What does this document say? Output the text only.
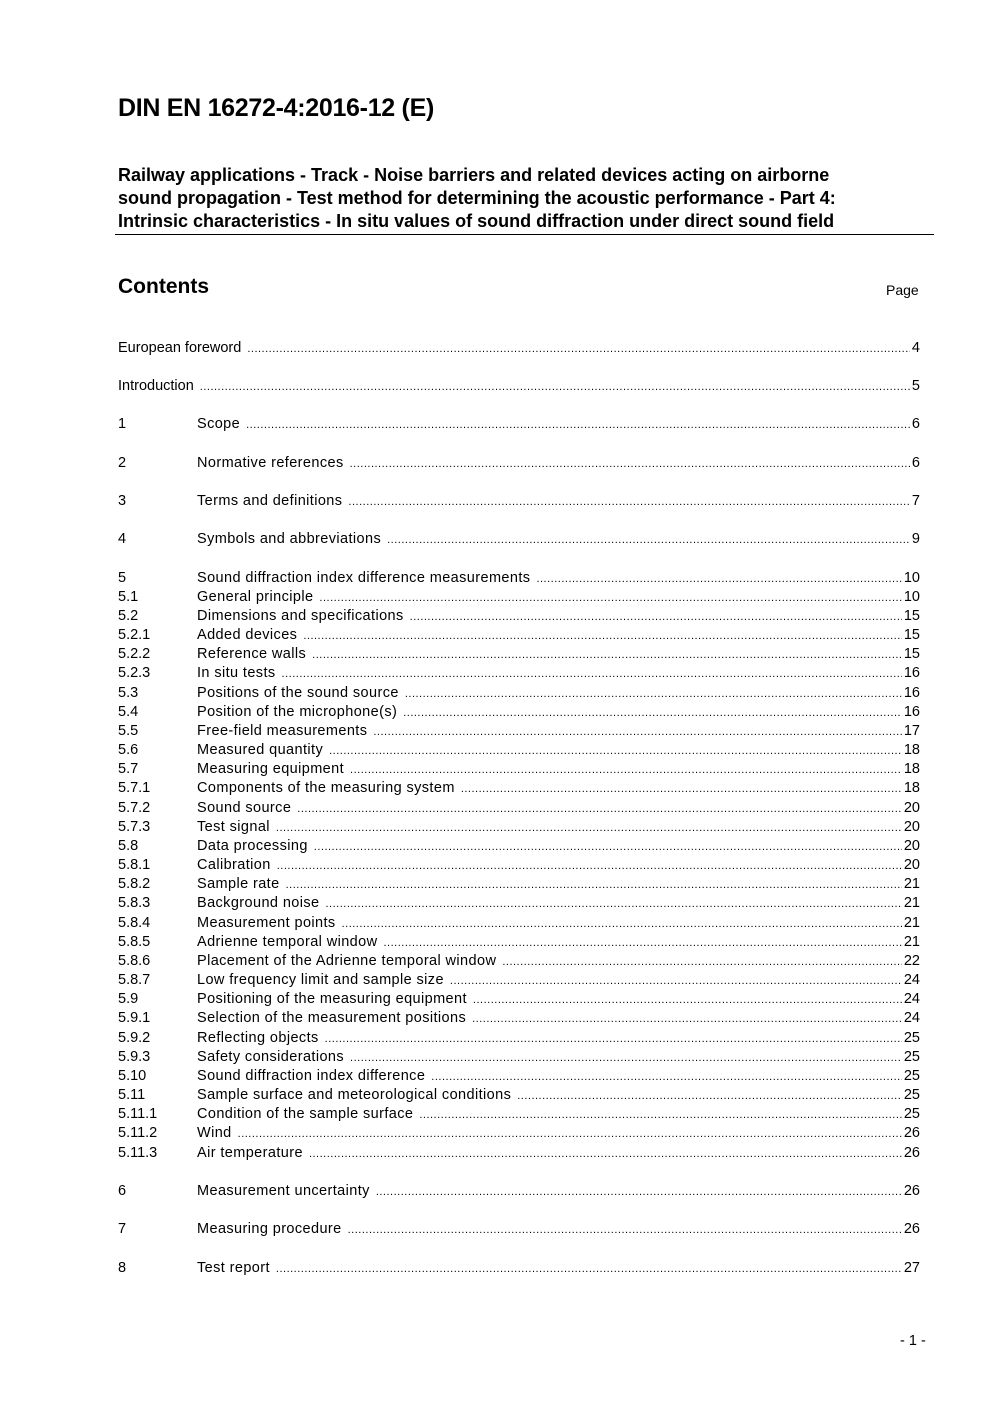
DIN EN 16272-4:2016-12 (E)
Railway applications - Track - Noise barriers and related devices acting on airborne
sound propagation - Test method for determining the acoustic performance - Part 4:
Intrinsic characteristics - In situ values of sound diffraction under direct sound field
Contents	Page
European foreword .....	4
Introduction .....	5
1	Scope .....	6
2	Normative references .....	6
3	Terms and definitions .....	7
4	Symbols and abbreviations .....	9
5	Sound diffraction index difference measurements .....	10
5.1	General principle .....	10
5.2	Dimensions and specifications .....	15
5.2.1	Added devices .....	15
5.2.2	Reference walls .....	15
5.2.3	In situ tests .....	16
5.3	Positions of the sound source .....	16
5.4	Position of the microphone(s) .....	16
5.5	Free-field measurements .....	17
5.6	Measured quantity .....	18
5.7	Measuring equipment .....	18
5.7.1	Components of the measuring system .....	18
5.7.2	Sound source .....	20
5.7.3	Test signal .....	20
5.8	Data processing .....	20
5.8.1	Calibration .....	20
5.8.2	Sample rate .....	21
5.8.3	Background noise .....	21
5.8.4	Measurement points .....	21
5.8.5	Adrienne temporal window .....	21
5.8.6	Placement of the Adrienne temporal window .....	22
5.8.7	Low frequency limit and sample size .....	24
5.9	Positioning of the measuring equipment .....	24
5.9.1	Selection of the measurement positions .....	24
5.9.2	Reflecting objects .....	25
5.9.3	Safety considerations .....	25
5.10	Sound diffraction index difference .....	25
5.11	Sample surface and meteorological conditions .....	25
5.11.1	Condition of the sample surface .....	25
5.11.2	Wind .....	26
5.11.3	Air temperature .....	26
6	Measurement uncertainty .....	26
7	Measuring procedure .....	26
8	Test report .....	27
- 1 -
